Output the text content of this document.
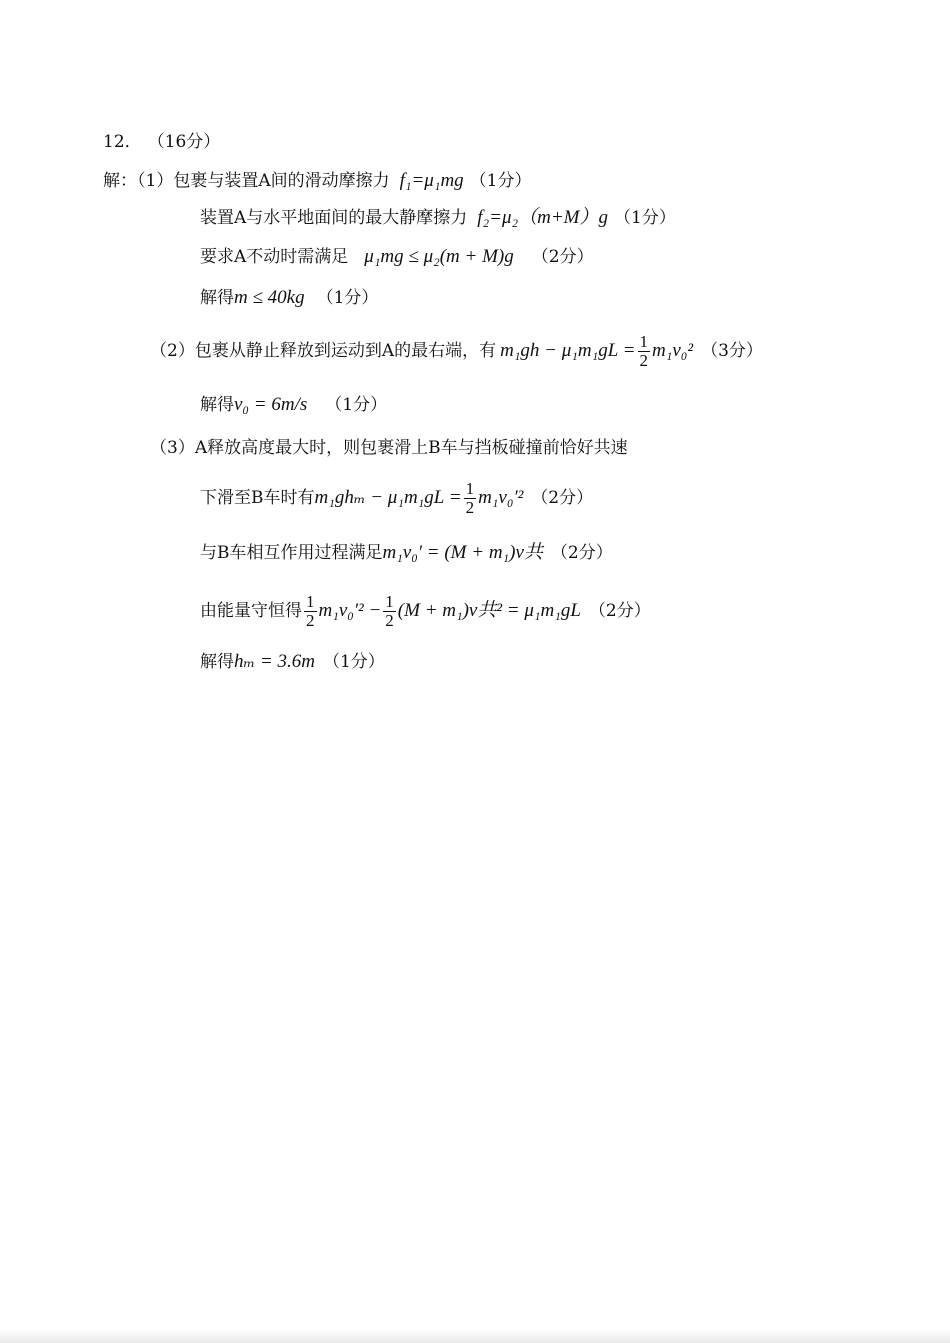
12． （16分）
解：（1）包裹与装置A间的滑动摩擦力 f₁=μ₁mg （1分）
装置A与水平地面间的最大静摩擦力 f₂=μ₂（m+M）g （1分）
要求A不动时需满足 μ₁mg ≤ μ₂(m + M)g （2分）
解得 m ≤ 40kg （1分）
（2）包裹从静止释放到运动到A的最右端，有 $m_1gh - \mu_1m_1gL = \frac{1}{2} m_1v_0^2$ （3分）
解得 v₀ = 6m/s （1分）
（3）A释放高度最大时，则包裹滑上B车与挡板碰撞前恰好共速
下滑至B车时有 $m_1gh_m - \mu_1m_1gL = \frac{1}{2} m_1v_0'^2$ （2分）
与B车相互作用过程满足 m₁v₀′ = (M + m₁)v共 （2分）
由能量守恒得 $\frac{1}{2} m_1v_0'^2 - \frac{1}{2} (M + m_1)v$共² = μ₁m₁gL （2分）
解得 hₘ = 3.6m （1分）
